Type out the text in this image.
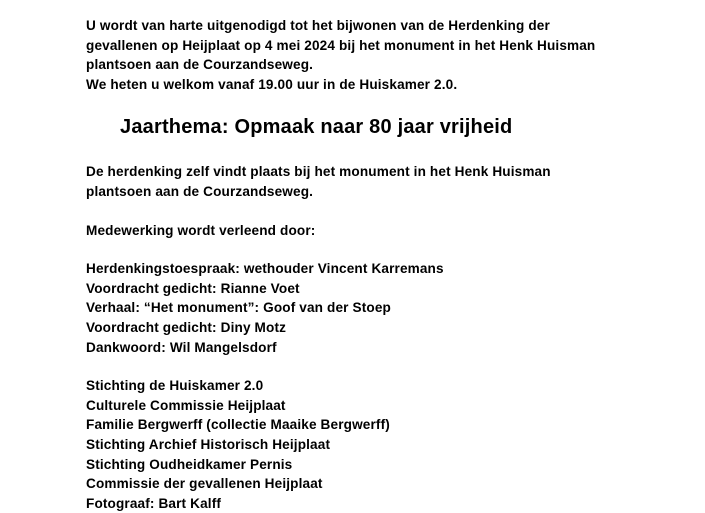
U wordt van harte uitgenodigd tot het bijwonen van de Herdenking der

gevallenen op Heijplaat op 4 mei 2024 bij het monument in het Henk Huisman

plantsoen aan de Courzandseweg.

We heten u welkom vanaf 19.00 uur in de Huiskamer 2.0.

Jaarthema: Opmaak naar 80 jaar vrijheid

De herdenking zelf vindt plaats bij het monument in het Henk Huisman

plantsoen aan de Courzandseweg.

Medewerking wordt verleend door:

Herdenkingstoespraak: wethouder Vincent Karremans
Voordracht gedicht: Rianne Voet
Verhaal: “Het monument”: Goof van der Stoep
Voordracht gedicht: Diny Motz
Dankwoord: Wil Mangelsdorf
Stichting de Huiskamer 2.0
Culturele Commissie Heijplaat
Familie Bergwerff (collectie Maaike Bergwerff)
Stichting Archief Historisch Heijplaat
Stichting Oudheidkamer Pernis
Commissie der gevallenen Heijplaat
Fotograaf: Bart Kalff
